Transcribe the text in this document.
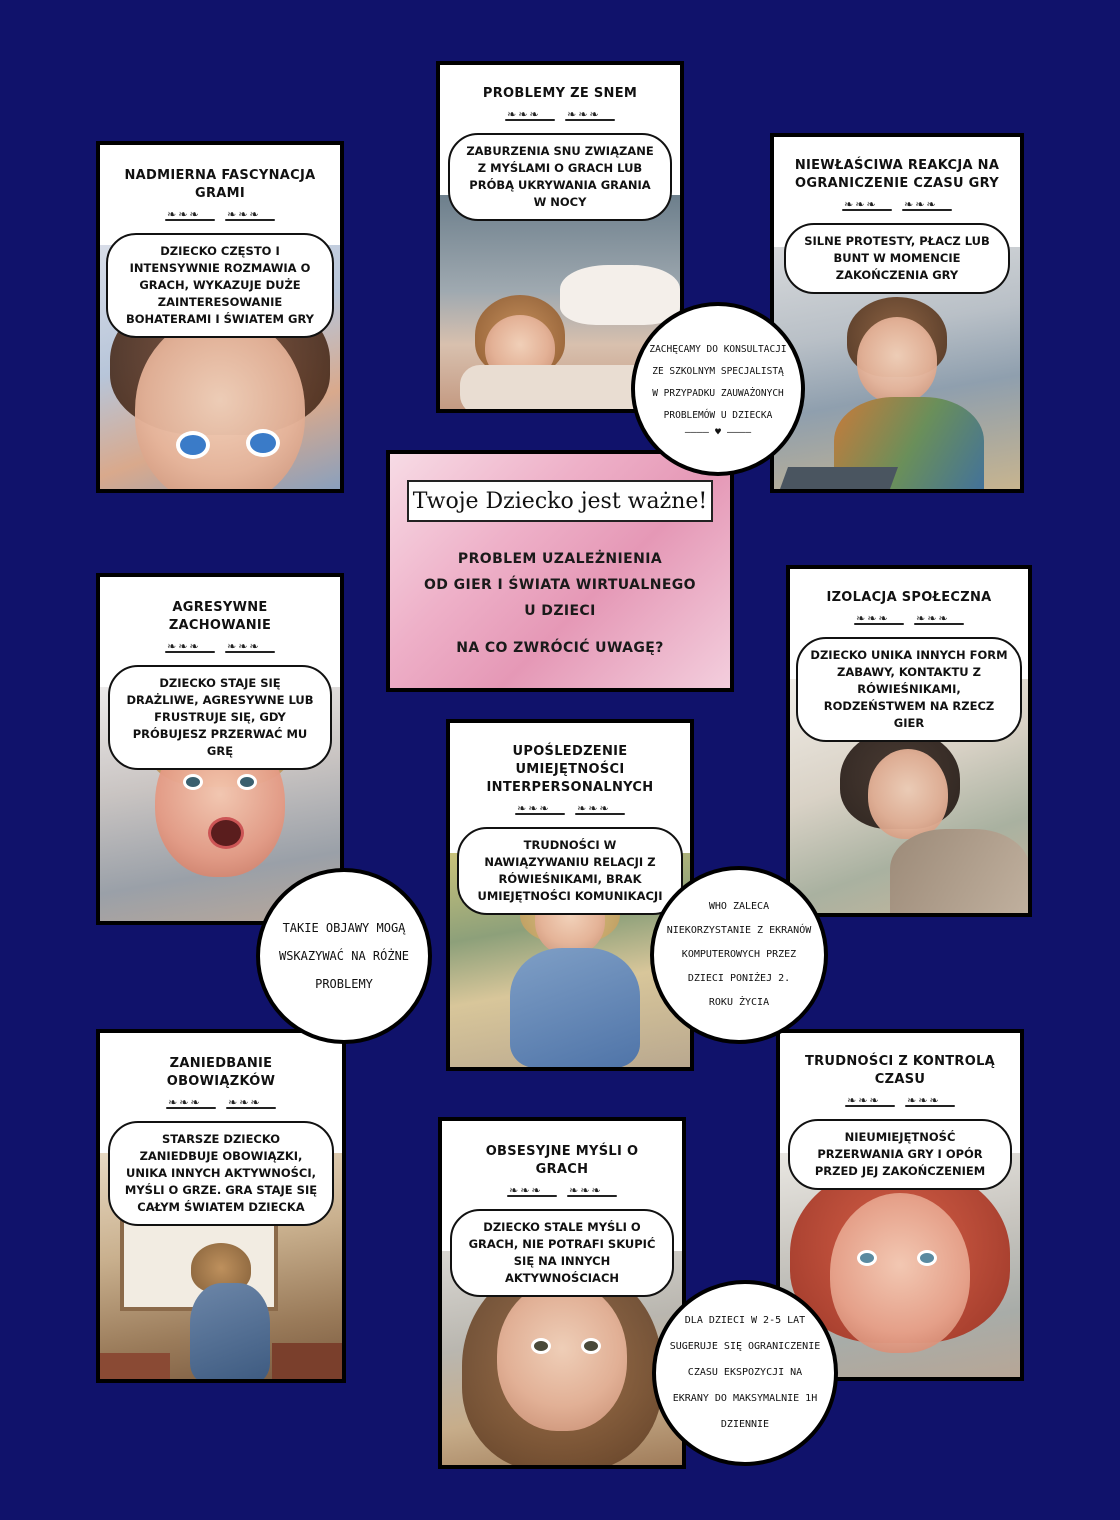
NADMIERNA FASCYNACJA GRAMI
❧❧❧
❧❧❧
DZIECKO CZĘSTO I INTENSYWNIE ROZMAWIA O GRACH, WYKAZUJE DUŻE ZAINTERESOWANIE BOHATERAMI I ŚWIATEM GRY
PROBLEMY ZE SNEM
❧❧❧
❧❧❧
ZABURZENIA SNU ZWIĄZANE Z MYŚLAMI O GRACH LUB PRÓBĄ UKRYWANIA GRANIA W NOCY
NIEWŁAŚCIWA REAKCJA NA OGRANICZENIE CZASU GRY
❧❧❧
❧❧❧
SILNE PROTESTY, PŁACZ LUB BUNT W MOMENCIE ZAKOŃCZENIA GRY
Twoje Dziecko jest ważne!
PROBLEM UZALEŻNIENIA
OD GIER I ŚWIATA WIRTUALNEGO
U DZIECI
NA CO ZWRÓCIĆ UWAGĘ?
AGRESYWNE ZACHOWANIE
❧❧❧
❧❧❧
DZIECKO STAJE SIĘ DRAŻLIWE, AGRESYWNE LUB FRUSTRUJE SIĘ, GDY PRÓBUJESZ PRZERWAĆ MU GRĘ
IZOLACJA SPOŁECZNA
❧❧❧
❧❧❧
DZIECKO UNIKA INNYCH FORM ZABAWY, KONTAKTU Z RÓWIEŚNIKAMI, RODZEŃSTWEM NA RZECZ GIER
UPOŚLEDZENIE UMIEJĘTNOŚCI INTERPERSONALNYCH
❧❧❧
❧❧❧
TRUDNOŚCI W NAWIĄZYWANIU RELACJI Z RÓWIEŚNIKAMI, BRAK UMIEJĘTNOŚCI KOMUNIKACJI
ZANIEDBANIE OBOWIĄZKÓW
❧❧❧
❧❧❧
STARSZE DZIECKO ZANIEDBUJE OBOWIĄZKI, UNIKA INNYCH AKTYWNOŚCI, MYŚLI O GRZE. GRA STAJE SIĘ CAŁYM ŚWIATEM DZIECKA
OBSESYJNE MYŚLI O GRACH
❧❧❧
❧❧❧
DZIECKO STALE MYŚLI O GRACH, NIE POTRAFI SKUPIĆ SIĘ NA INNYCH AKTYWNOŚCIACH
TRUDNOŚCI Z KONTROLĄ CZASU
❧❧❧
❧❧❧
NIEUMIEJĘTNOŚĆ PRZERWANIA GRY I OPÓR PRZED JEJ ZAKOŃCZENIEM
ZACHĘCAMY DO KONSULTACJI
ZE SZKOLNYM SPECJALISTĄ
W PRZYPADKU ZAUWAŻONYCH
PROBLEMÓW U DZIECKA
———— ♥ ————
TAKIE OBJAWY MOGĄ
WSKAZYWAĆ NA RÓŻNE
PROBLEMY
WHO ZALECA
NIEKORZYSTANIE Z EKRANÓW
KOMPUTEROWYCH PRZEZ
DZIECI PONIŻEJ 2.
ROKU ŻYCIA
DLA DZIECI W 2-5 LAT
SUGERUJE SIĘ OGRANICZENIE
CZASU EKSPOZYCJI NA
EKRANY DO MAKSYMALNIE 1H
DZIENNIE
